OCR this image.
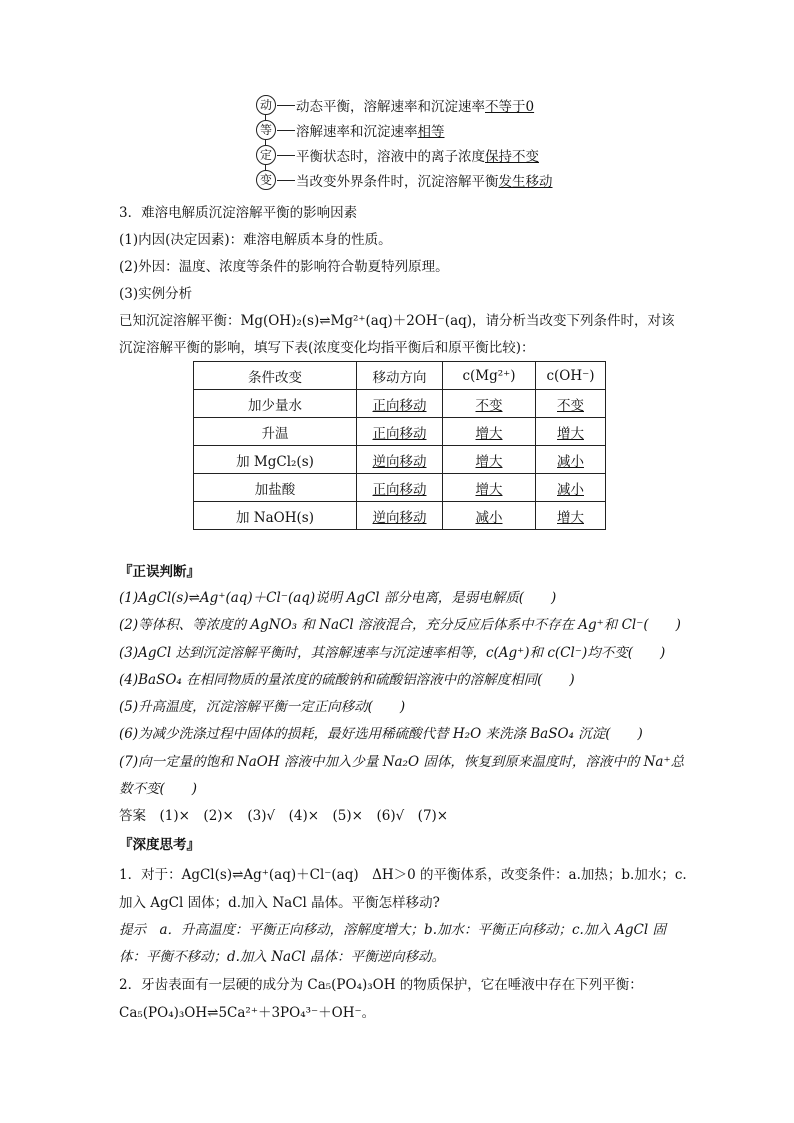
动 动态平衡，溶解速率和沉淀速率 不等于0
等 溶解速率和沉淀速率 相等
定 平衡状态时，溶液中的离子浓度 保持不变
变 当改变外界条件时，沉淀溶解平衡 发生移动
3．难溶电解质沉淀溶解平衡的影响因素
(1)内因(决定因素)：难溶电解质本身的性质。
(2)外因：温度、浓度等条件的影响符合勒夏特列原理。
(3)实例分析
已知沉淀溶解平衡：Mg(OH)₂(s)⇌Mg²⁺(aq)＋2OH⁻(aq)，请分析当改变下列条件时，对该
沉淀溶解平衡的影响，填写下表(浓度变化均指平衡后和原平衡比较)：
条件改变	移动方向	c(Mg²⁺)	c(OH⁻)
加少量水	正向移动	不变	不变
升温	正向移动	增大	增大
加 MgCl₂(s)	逆向移动	增大	减小
加盐酸	正向移动	增大	减小
加 NaOH(s)	逆向移动	减小	增大
『正误判断』
(1)AgCl(s)⇌Ag⁺(aq)＋Cl⁻(aq)说明 AgCl 部分电离，是弱电解质(　　)
(2)等体积、等浓度的 AgNO₃ 和 NaCl 溶液混合，充分反应后体系中不存在 Ag⁺和 Cl⁻(　　)
(3)AgCl 达到沉淀溶解平衡时，其溶解速率与沉淀速率相等，c(Ag⁺)和 c(Cl⁻)均不变(　　)
(4)BaSO₄ 在相同物质的量浓度的硫酸钠和硫酸铝溶液中的溶解度相同(　　)
(5)升高温度，沉淀溶解平衡一定正向移动(　　)
(6)为减少洗涤过程中固体的损耗，最好选用稀硫酸代替 H₂O 来洗涤 BaSO₄ 沉淀(　　)
(7)向一定量的饱和 NaOH 溶液中加入少量 Na₂O 固体，恢复到原来温度时，溶液中的 Na⁺总
数不变(　　)
答案　(1)×　(2)×　(3)√　(4)×　(5)×　(6)√　(7)×
『深度思考』
1．对于：AgCl(s)⇌Ag⁺(aq)＋Cl⁻(aq)　ΔH＞0 的平衡体系，改变条件：a.加热；b.加水；c.
加入 AgCl 固体；d.加入 NaCl 晶体。平衡怎样移动?
提示　a．升高温度：平衡正向移动，溶解度增大；b.加水：平衡正向移动；c.加入 AgCl 固
体：平衡不移动；d.加入 NaCl 晶体：平衡逆向移动。
2．牙齿表面有一层硬的成分为 Ca₅(PO₄)₃OH 的物质保护，它在唾液中存在下列平衡：
Ca₅(PO₄)₃OH⇌5Ca²⁺＋3PO₄³⁻＋OH⁻。
